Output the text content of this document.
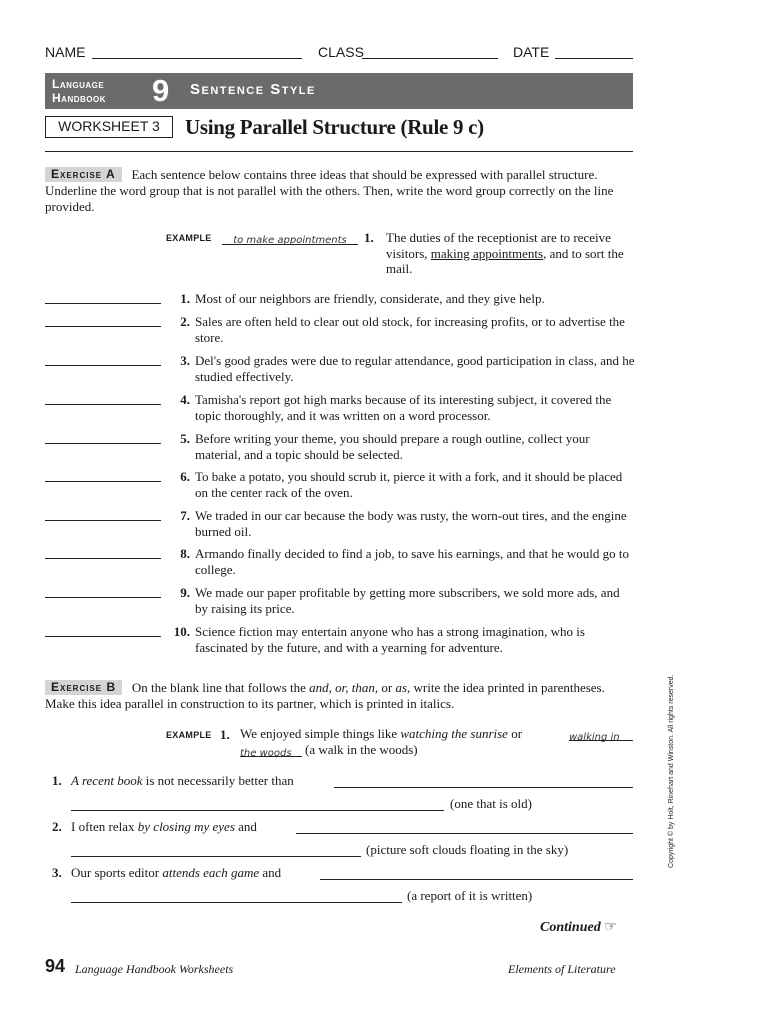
NAME	CLASS	DATE
Language
Handbook 9 Sentence Style
WORKSHEET 3	Using Parallel Structure (Rule 9 c)
Exercise A Each sentence below contains three ideas that should be expressed with parallel structure. Underline the word group that is not parallel with the others. Then, write the word group correctly on the line provided.
EXAMPLE	to make appointments	1. The duties of the receptionist are to receive visitors, making appointments, and to sort the mail.
1. Most of our neighbors are friendly, considerate, and they give help.
2. Sales are often held to clear out old stock, for increasing profits, or to advertise the store.
3. Del's good grades were due to regular attendance, good participation in class, and he studied effectively.
4. Tamisha's report got high marks because of its interesting subject, it covered the topic thoroughly, and it was written on a word processor.
5. Before writing your theme, you should prepare a rough outline, collect your material, and a topic should be selected.
6. To bake a potato, you should scrub it, pierce it with a fork, and it should be placed on the center rack of the oven.
7. We traded in our car because the body was rusty, the worn-out tires, and the engine burned oil.
8. Armando finally decided to find a job, to save his earnings, and that he would go to college.
9. We made our paper profitable by getting more subscribers, we sold more ads, and by raising its price.
10. Science fiction may entertain anyone who has a strong imagination, who is fascinated by the future, and with a yearning for adventure.
Exercise B On the blank line that follows the and, or, than, or as, write the idea printed in parentheses. Make this idea parallel in construction to its partner, which is printed in italics.
EXAMPLE 1. We enjoyed simple things like watching the sunrise or	walking in
the woods	(a walk in the woods)
1. A recent book is not necessarily better than
(one that is old)
2. I often relax by closing my eyes and
(picture soft clouds floating in the sky)
3. Our sports editor attends each game and
(a report of it is written)
Continued ☞
Copyright © by Holt, Rinehart and Winston. All rights reserved.
94 Language Handbook Worksheets	Elements of Literature
